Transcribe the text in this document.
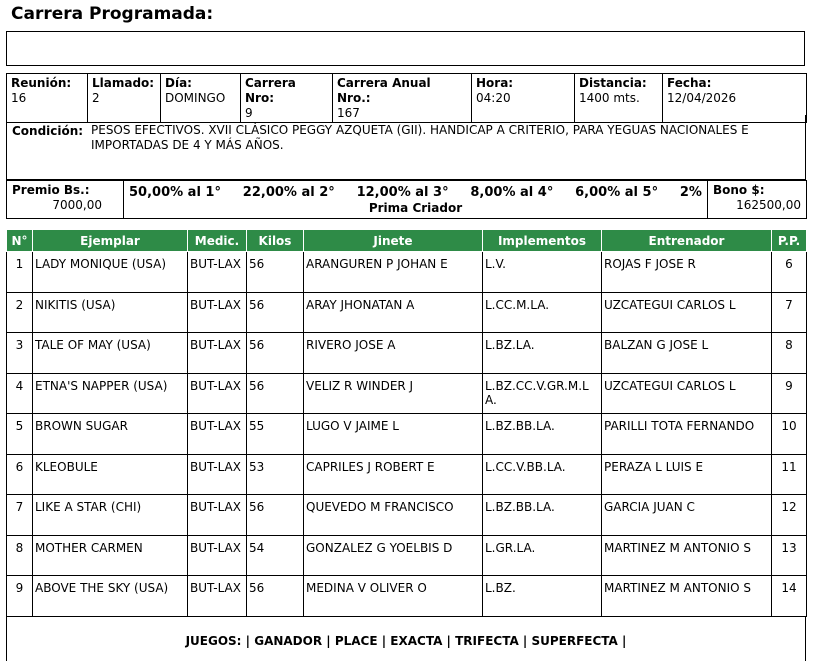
Carrera Programada:
Reunión:
16

Llamado:
2

Día:
DOMINGO

Carrera Nro:
9

Carrera Anual Nro.:
167

Hora:
04:20

Distancia:
1400 mts.

Fecha:
12/04/2026
Condición: PESOS EFECTIVOS. XVII CLÁSICO PEGGY AZQUETA (GII). HANDICAP A CRITERIO, PARA YEGUAS NACIONALES E IMPORTADAS DE 4 Y MÁS AÑOS.
Premio Bs.:
7000,00

50,00% al 1° 22,00% al 2° 12,00% al 3° 8,00% al 4° 6,00% al 5° 2%
Prima Criador

Bono $:
162500,00
N°	Ejemplar	Medic.	Kilos	Jinete	Implementos	Entrenador	P.P.
1	LADY MONIQUE (USA)	BUT-LAX	56	ARANGUREN P JOHAN E	L.V.	ROJAS F JOSE R	6
2	NIKITIS (USA)	BUT-LAX	56	ARAY JHONATAN A	L.CC.M.LA.	UZCATEGUI CARLOS L	7
3	TALE OF MAY (USA)	BUT-LAX	56	RIVERO JOSE A	L.BZ.LA.	BALZAN G JOSE L	8
4	ETNA'S NAPPER (USA)	BUT-LAX	56	VELIZ R WINDER J	L.BZ.CC.V.GR.M.LA.	UZCATEGUI CARLOS L	9
5	BROWN SUGAR	BUT-LAX	55	LUGO V JAIME L	L.BZ.BB.LA.	PARILLI TOTA FERNANDO	10
6	KLEOBULE	BUT-LAX	53	CAPRILES J ROBERT E	L.CC.V.BB.LA.	PERAZA L LUIS E	11
7	LIKE A STAR (CHI)	BUT-LAX	56	QUEVEDO M FRANCISCO	L.BZ.BB.LA.	GARCIA JUAN C	12
8	MOTHER CARMEN	BUT-LAX	54	GONZALEZ G YOELBIS D	L.GR.LA.	MARTINEZ M ANTONIO S	13
9	ABOVE THE SKY (USA)	BUT-LAX	56	MEDINA V OLIVER O	L.BZ.	MARTINEZ M ANTONIO S	14
JUEGOS: | GANADOR | PLACE | EXACTA | TRIFECTA | SUPERFECTA |
